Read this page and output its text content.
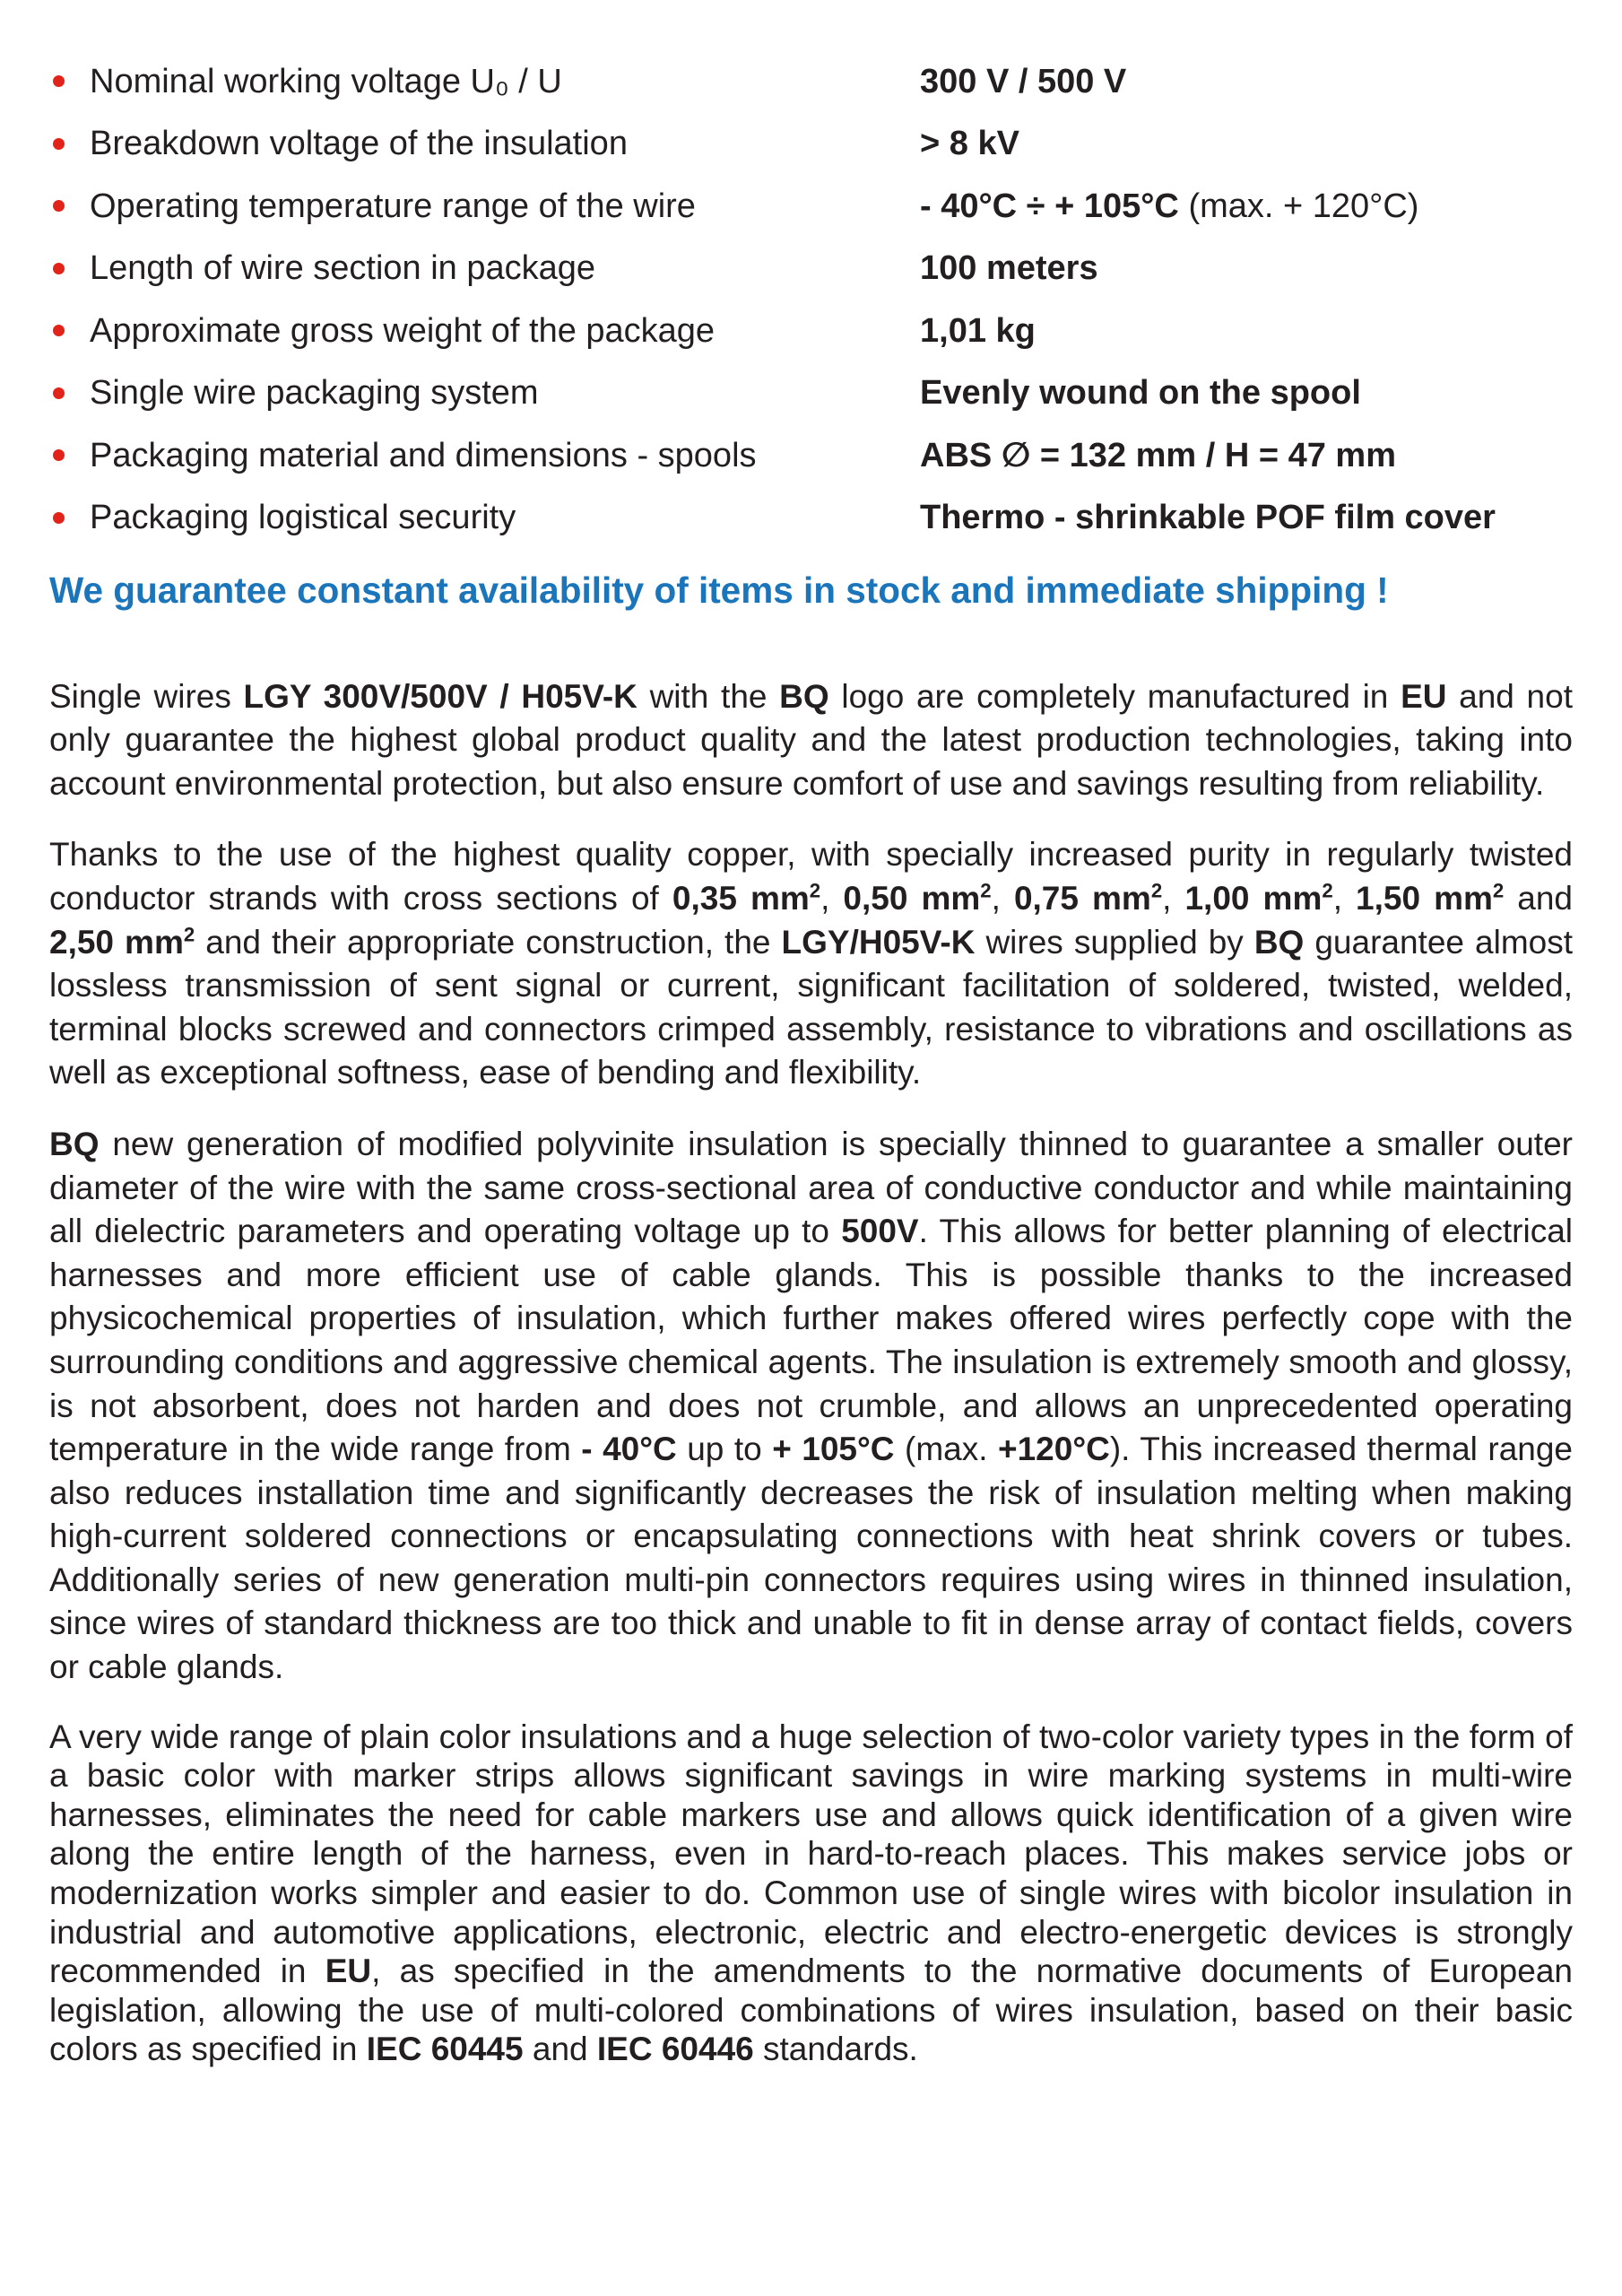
Nominal working voltage U₀ / U	300 V / 500 V
Breakdown voltage of the insulation	> 8 kV
Operating temperature range of the wire	- 40°C ÷ + 105°C (max. + 120°C)
Length of wire section in package	100 meters
Approximate gross weight of the package	1,01 kg
Single wire packaging system	Evenly wound on the spool
Packaging material and dimensions - spools	ABS ∅ = 132 mm / H = 47 mm
Packaging logistical security	Thermo - shrinkable POF film cover
We guarantee constant availability of items in stock and immediate shipping !

Single wires LGY 300V/500V / H05V-K with the BQ logo are completely manufactured in EU and not only guarantee the highest global product quality and the latest production technologies, taking into account environmental protection, but also ensure comfort of use and savings resulting from reliability.

Thanks to the use of the highest quality copper, with specially increased purity in regularly twisted conductor strands with cross sections of 0,35 $mm^2$, 0,50 $mm^2$, 0,75 $mm^2$, 1,00 $mm^2$, 1,50 $mm^2$ and 2,50 $mm^2$ and their appropriate construction, the LGY/H05V-K wires supplied by BQ guarantee almost lossless transmission of sent signal or current, significant facilitation of soldered, twisted, welded, terminal blocks screwed and connectors crimped assembly, resistance to vibrations and oscillations as well as exceptional softness, ease of bending and flexibility.

BQ new generation of modified polyvinite insulation is specially thinned to guarantee a smaller outer diameter of the wire with the same cross-sectional area of conductive conductor and while maintaining all dielectric parameters and operating voltage up to 500V. This allows for better planning of electrical harnesses and more efficient use of cable glands. This is possible thanks to the increased physicochemical properties of insulation, which further makes offered wires perfectly cope with the surrounding conditions and aggressive chemical agents. The insulation is extremely smooth and glossy, is not absorbent, does not harden and does not crumble, and allows an unprecedented operating temperature in the wide range from - 40°C up to + 105°C (max. +120°C). This increased thermal range also reduces installation time and significantly decreases the risk of insulation melting when making high-current soldered connections or encapsulating connections with heat shrink covers or tubes. Additionally series of new generation multi-pin connectors requires using wires in thinned insulation, since wires of standard thickness are too thick and unable to fit in dense array of contact fields, covers or cable glands.

A very wide range of plain color insulations and a huge selection of two-color variety types in the form of a basic color with marker strips allows significant savings in wire marking systems in multi-wire harnesses, eliminates the need for cable markers use and allows quick identification of a given wire along the entire length of the harness, even in hard-to-reach places. This makes service jobs or modernization works simpler and easier to do. Common use of single wires with bicolor insulation in industrial and automotive applications, electronic, electric and electro-energetic devices is strongly recommended in EU, as specified in the amendments to the normative documents of European legislation, allowing the use of multi-colored combinations of wires insulation, based on their basic colors as specified in IEC 60445 and IEC 60446 standards.
